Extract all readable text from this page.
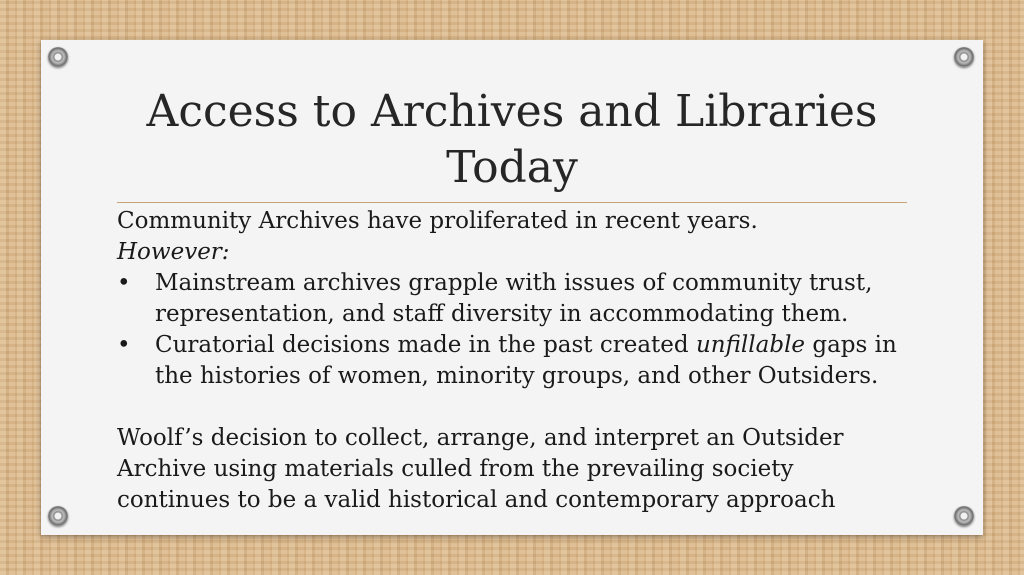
Access to Archives and Libraries
Today

Community Archives have proliferated in recent years.

However:

• Mainstream archives grapple with issues of community trust, representation, and staff diversity in accommodating them.
• Curatorial decisions made in the past created unfillable gaps in the histories of women, minority groups, and other Outsiders.

Woolf’s decision to collect, arrange, and interpret an Outsider
Archive using materials culled from the prevailing society
continues to be a valid historical and contemporary approach
